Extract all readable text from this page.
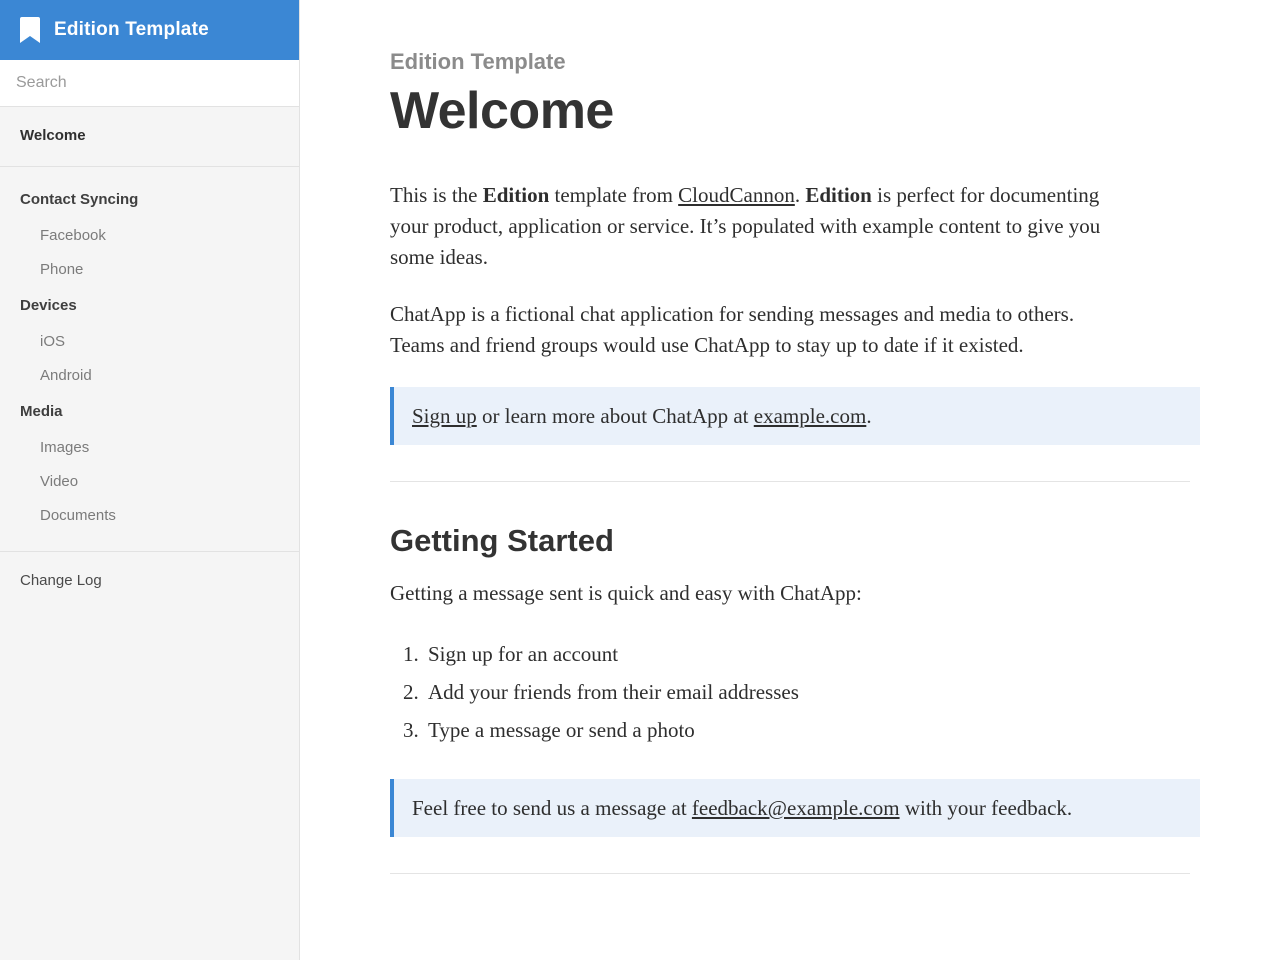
Edition Template
Search
Welcome
Contact Syncing
Facebook
Phone
Devices
iOS
Android
Media
Images
Video
Documents
Change Log
Edition Template
Welcome

This is the Edition template from CloudCannon. Edition is perfect for documenting your product, application or service. It’s populated with example content to give you some ideas.

ChatApp is a fictional chat application for sending messages and media to others. Teams and friend groups would use ChatApp to stay up to date if it existed.

Sign up or learn more about ChatApp at example.com.
Getting Started

Getting a message sent is quick and easy with ChatApp:

1. Sign up for an account
2. Add your friends from their email addresses
3. Type a message or send a photo
Feel free to send us a message at feedback@example.com with your feedback.
